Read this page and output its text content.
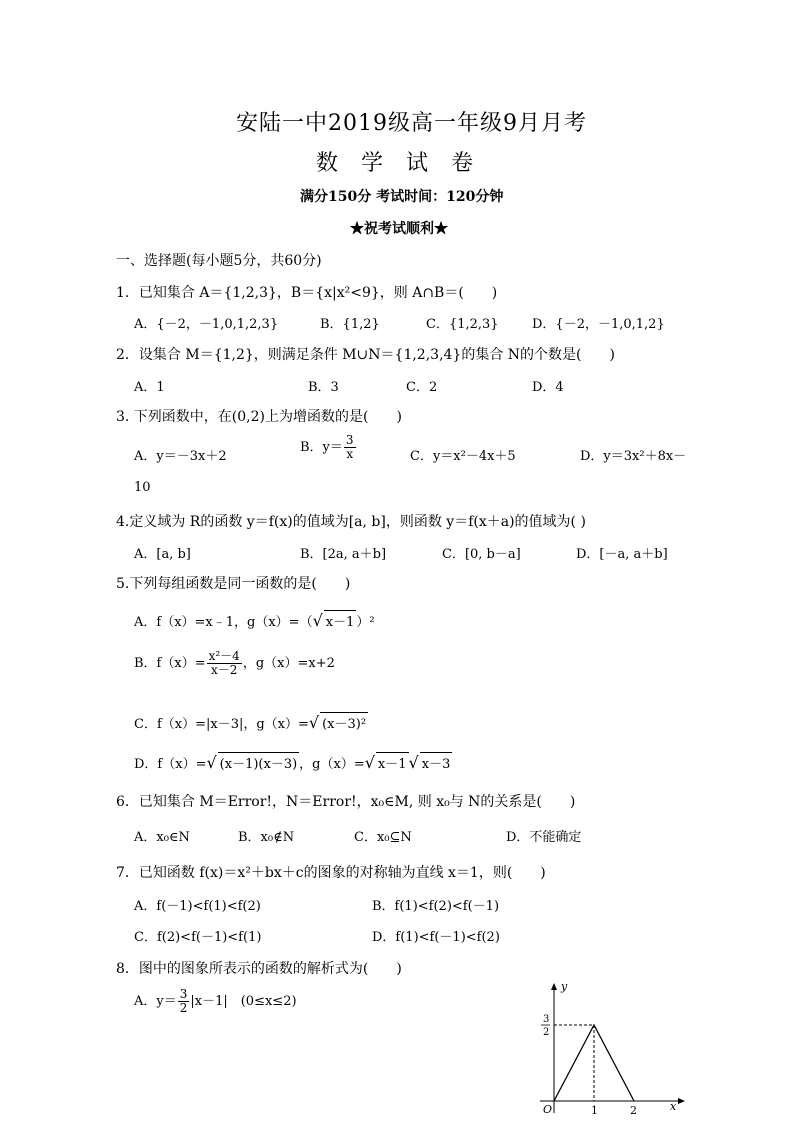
安陆一中2019级高一年级9月月考
数 学 试 卷
满分150分 考试时间：120分钟
★祝考试顺利★
一、选择题(每小题5分，共60分)
1．已知集合 A＝{1,2,3}，B＝{x|x²<9}，则 A∩B＝(　　)
A．{－2，－1,0,1,2,3}	B．{1,2}	C．{1,2,3}	D．{－2，－1,0,1,2}
2．设集合 M＝{1,2}，则满足条件 M∪N＝{1,2,3,4}的集合 N的个数是(　　)
A．1	B．3	C．2	D．4
3. 下列函数中，在(0,2)上为增函数的是(　　)
A．y＝－3x＋2
B．$y= \frac{3}{x}$	C．y＝x²－4x＋5	D．y＝3x²＋8x－
10
4.定义域为 R的函数 y＝f(x)的值域为[a, b]，则函数 y＝f(x＋a)的值域为( )
A．[a, b]	B．[2a, a＋b]	C．[0, b－a]	D．[－a, a＋b]
5.下列每组函数是同一函数的是(　　)
A．f（x）=x﹣1，g（x）=（√ x－1 ）²
B．$f(x)= \frac{\text{x²－4}}{x-2}$ ，g（x）=x+2
C．f（x）=|x－3|，g（x）=√ (x－3)²
D．f（x）=√ (x－1)(x－3) ，g（x）=√ x－1 √ x－3
6．已知集合 M＝Error!，N＝Error!，x₀∈M, 则 x₀与 N的关系是(　　)
A．x₀∈N	B．x₀∉N	C．x₀⊆N	D．不能确定
7．已知函数 f(x)＝x²＋bx＋c的图象的对称轴为直线 x＝1，则(　　)
A．f(－1)<f(1)<f(2)	B．f(1)<f(2)<f(－1)
C．f(2)<f(－1)<f(1)	D．f(1)<f(－1)<f(2)
8．图中的图象所表示的函数的解析式为(　　)
A．$y= \frac{3}{2} |x-1|$　(0≤x≤2)
y
x
O	1	2
3
2
